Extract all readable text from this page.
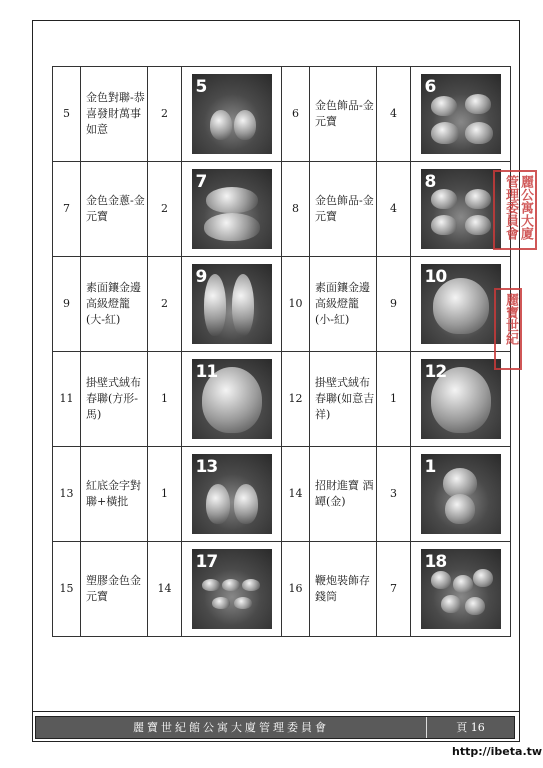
5	金色對聯-恭喜發財萬事如意	2	5	6	金色飾品-金元寶	4	6

7	金色金蔥-金元寶	2	7	8	金色飾品-金元寶	4	8

9	素面鑲金邊高級燈籠(大-紅)	2	9	10	素面鑲金邊高級燈籠(小-紅)	9	10

11	掛壁式絨布春聯(方形-馬)	1	11	12	掛壁式絨布春聯(如意吉祥)	1	12

13	紅底金字對聯+橫批	1	13	14	招財進寶 酒罈(金)	3	1

15	塑膠金色金元寶	14	17	16	鞭炮裝飾存錢筒	7	18
麗公寓大廈管理委員會
麗寶世紀
麗寶世紀館公寓大廈管理委員會	頁 16
http://ibeta.tw
